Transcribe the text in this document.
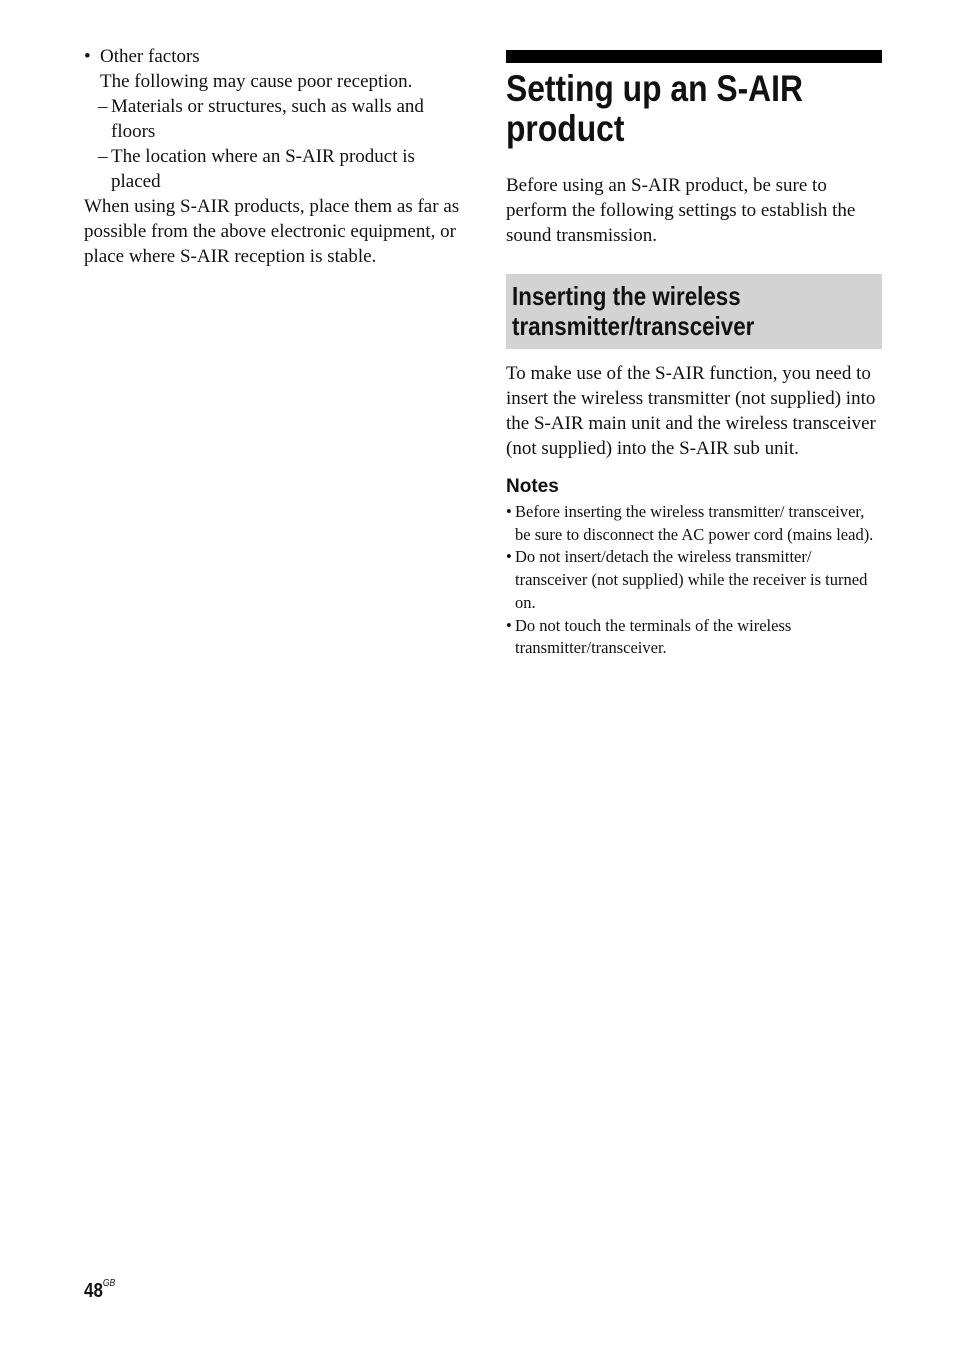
• Other factors
The following may cause poor reception.
– Materials or structures, such as walls and floors
– The location where an S-AIR product is placed
When using S-AIR products, place them as far as possible from the above electronic equipment, or place where S-AIR reception is stable.
Setting up an S-AIR product
Before using an S-AIR product, be sure to perform the following settings to establish the sound transmission.
Inserting the wireless transmitter/transceiver
To make use of the S-AIR function, you need to insert the wireless transmitter (not supplied) into the S-AIR main unit and the wireless transceiver (not supplied) into the S-AIR sub unit.
Notes
• Before inserting the wireless transmitter/ transceiver, be sure to disconnect the AC power cord (mains lead).
• Do not insert/detach the wireless transmitter/ transceiver (not supplied) while the receiver is turned on.
• Do not touch the terminals of the wireless transmitter/transceiver.
$48^{GB}$
